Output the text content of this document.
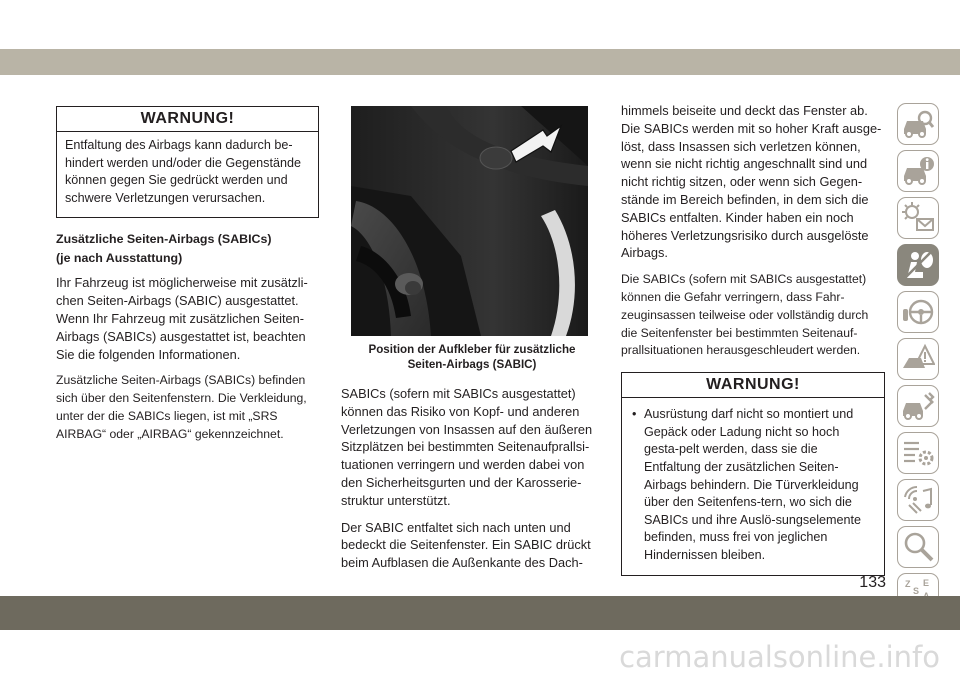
WARNUNG!
Entfaltung des Airbags kann dadurch be-hindert werden und/oder die Gegenstände können gegen Sie gedrückt werden und schwere Verletzungen verursachen.
Zusätzliche Seiten-Airbags (SABICs)
(je nach Ausstattung)

Ihr Fahrzeug ist möglicherweise mit zusätzli-chen Seiten-Airbags (SABIC) ausgestattet. Wenn Ihr Fahrzeug mit zusätzlichen Seiten-Airbags (SABICs) ausgestattet ist, beachten Sie die folgenden Informationen.

Zusätzliche Seiten-Airbags (SABICs) befinden sich über den Seitenfenstern. Die Verkleidung, unter der die SABICs liegen, ist mit „SRS AIRBAG“ oder „AIRBAG“ gekennzeichnet.

Position der Aufkleber für zusätzliche
Seiten-Airbags (SABIC)

SABICs (sofern mit SABICs ausgestattet) können das Risiko von Kopf- und anderen Verletzungen von Insassen auf den äußeren Sitzplätzen bei bestimmten Seitenaufprallsi-tuationen verringern und werden dabei von den Sicherheitsgurten und der Karosserie-struktur unterstützt.

Der SABIC entfaltet sich nach unten und bedeckt die Seitenfenster. Ein SABIC drückt beim Aufblasen die Außenkante des Dach-

himmels beiseite und deckt das Fenster ab. Die SABICs werden mit so hoher Kraft ausge-löst, dass Insassen sich verletzen können, wenn sie nicht richtig angeschnallt sind und nicht richtig sitzen, oder wenn sich Gegen-stände im Bereich befinden, in dem sich die SABICs entfalten. Kinder haben ein noch höheres Verletzungsrisiko durch ausgelöste Airbags.

Die SABICs (sofern mit SABICs ausgestattet) können die Gefahr verringern, dass Fahr-zeuginsassen teilweise oder vollständig durch die Seitenfenster bei bestimmten Seitenauf-prallsituationen herausgeschleudert werden.

WARNUNG!
• Ausrüstung darf nicht so montiert und Gepäck oder Ladung nicht so hoch gesta-pelt werden, dass sie die Entfaltung der zusätzlichen Seiten-Airbags behindern. Die Türverkleidung über den Seitenfens-tern, wo sich die SABICs und ihre Auslö-sungselemente befinden, muss frei von jeglichen Hindernissen bleiben.
Z E
S
133
carmanualsonline.info
